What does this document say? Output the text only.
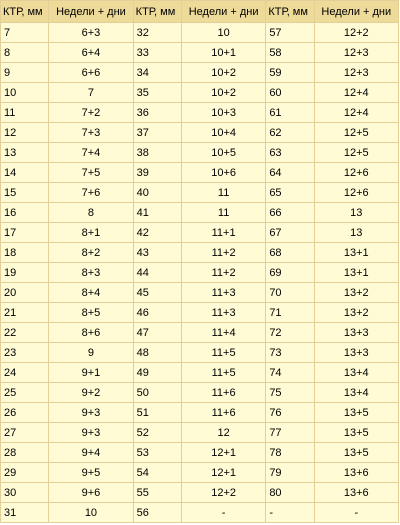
КТР, мм	Недели + дни	КТР, мм	Недели + дни	КТР, мм	Недели + дни
7	6+3	32	10	57	12+2
8	6+4	33	10+1	58	12+3
9	6+6	34	10+2	59	12+3
10	7	35	10+2	60	12+4
11	7+2	36	10+3	61	12+4
12	7+3	37	10+4	62	12+5
13	7+4	38	10+5	63	12+5
14	7+5	39	10+6	64	12+6
15	7+6	40	11	65	12+6
16	8	41	11	66	13
17	8+1	42	11+1	67	13
18	8+2	43	11+2	68	13+1
19	8+3	44	11+2	69	13+1
20	8+4	45	11+3	70	13+2
21	8+5	46	11+3	71	13+2
22	8+6	47	11+4	72	13+3
23	9	48	11+5	73	13+3
24	9+1	49	11+5	74	13+4
25	9+2	50	11+6	75	13+4
26	9+3	51	11+6	76	13+5
27	9+3	52	12	77	13+5
28	9+4	53	12+1	78	13+5
29	9+5	54	12+1	79	13+6
30	9+6	55	12+2	80	13+6
31	10	56	-	-	-
